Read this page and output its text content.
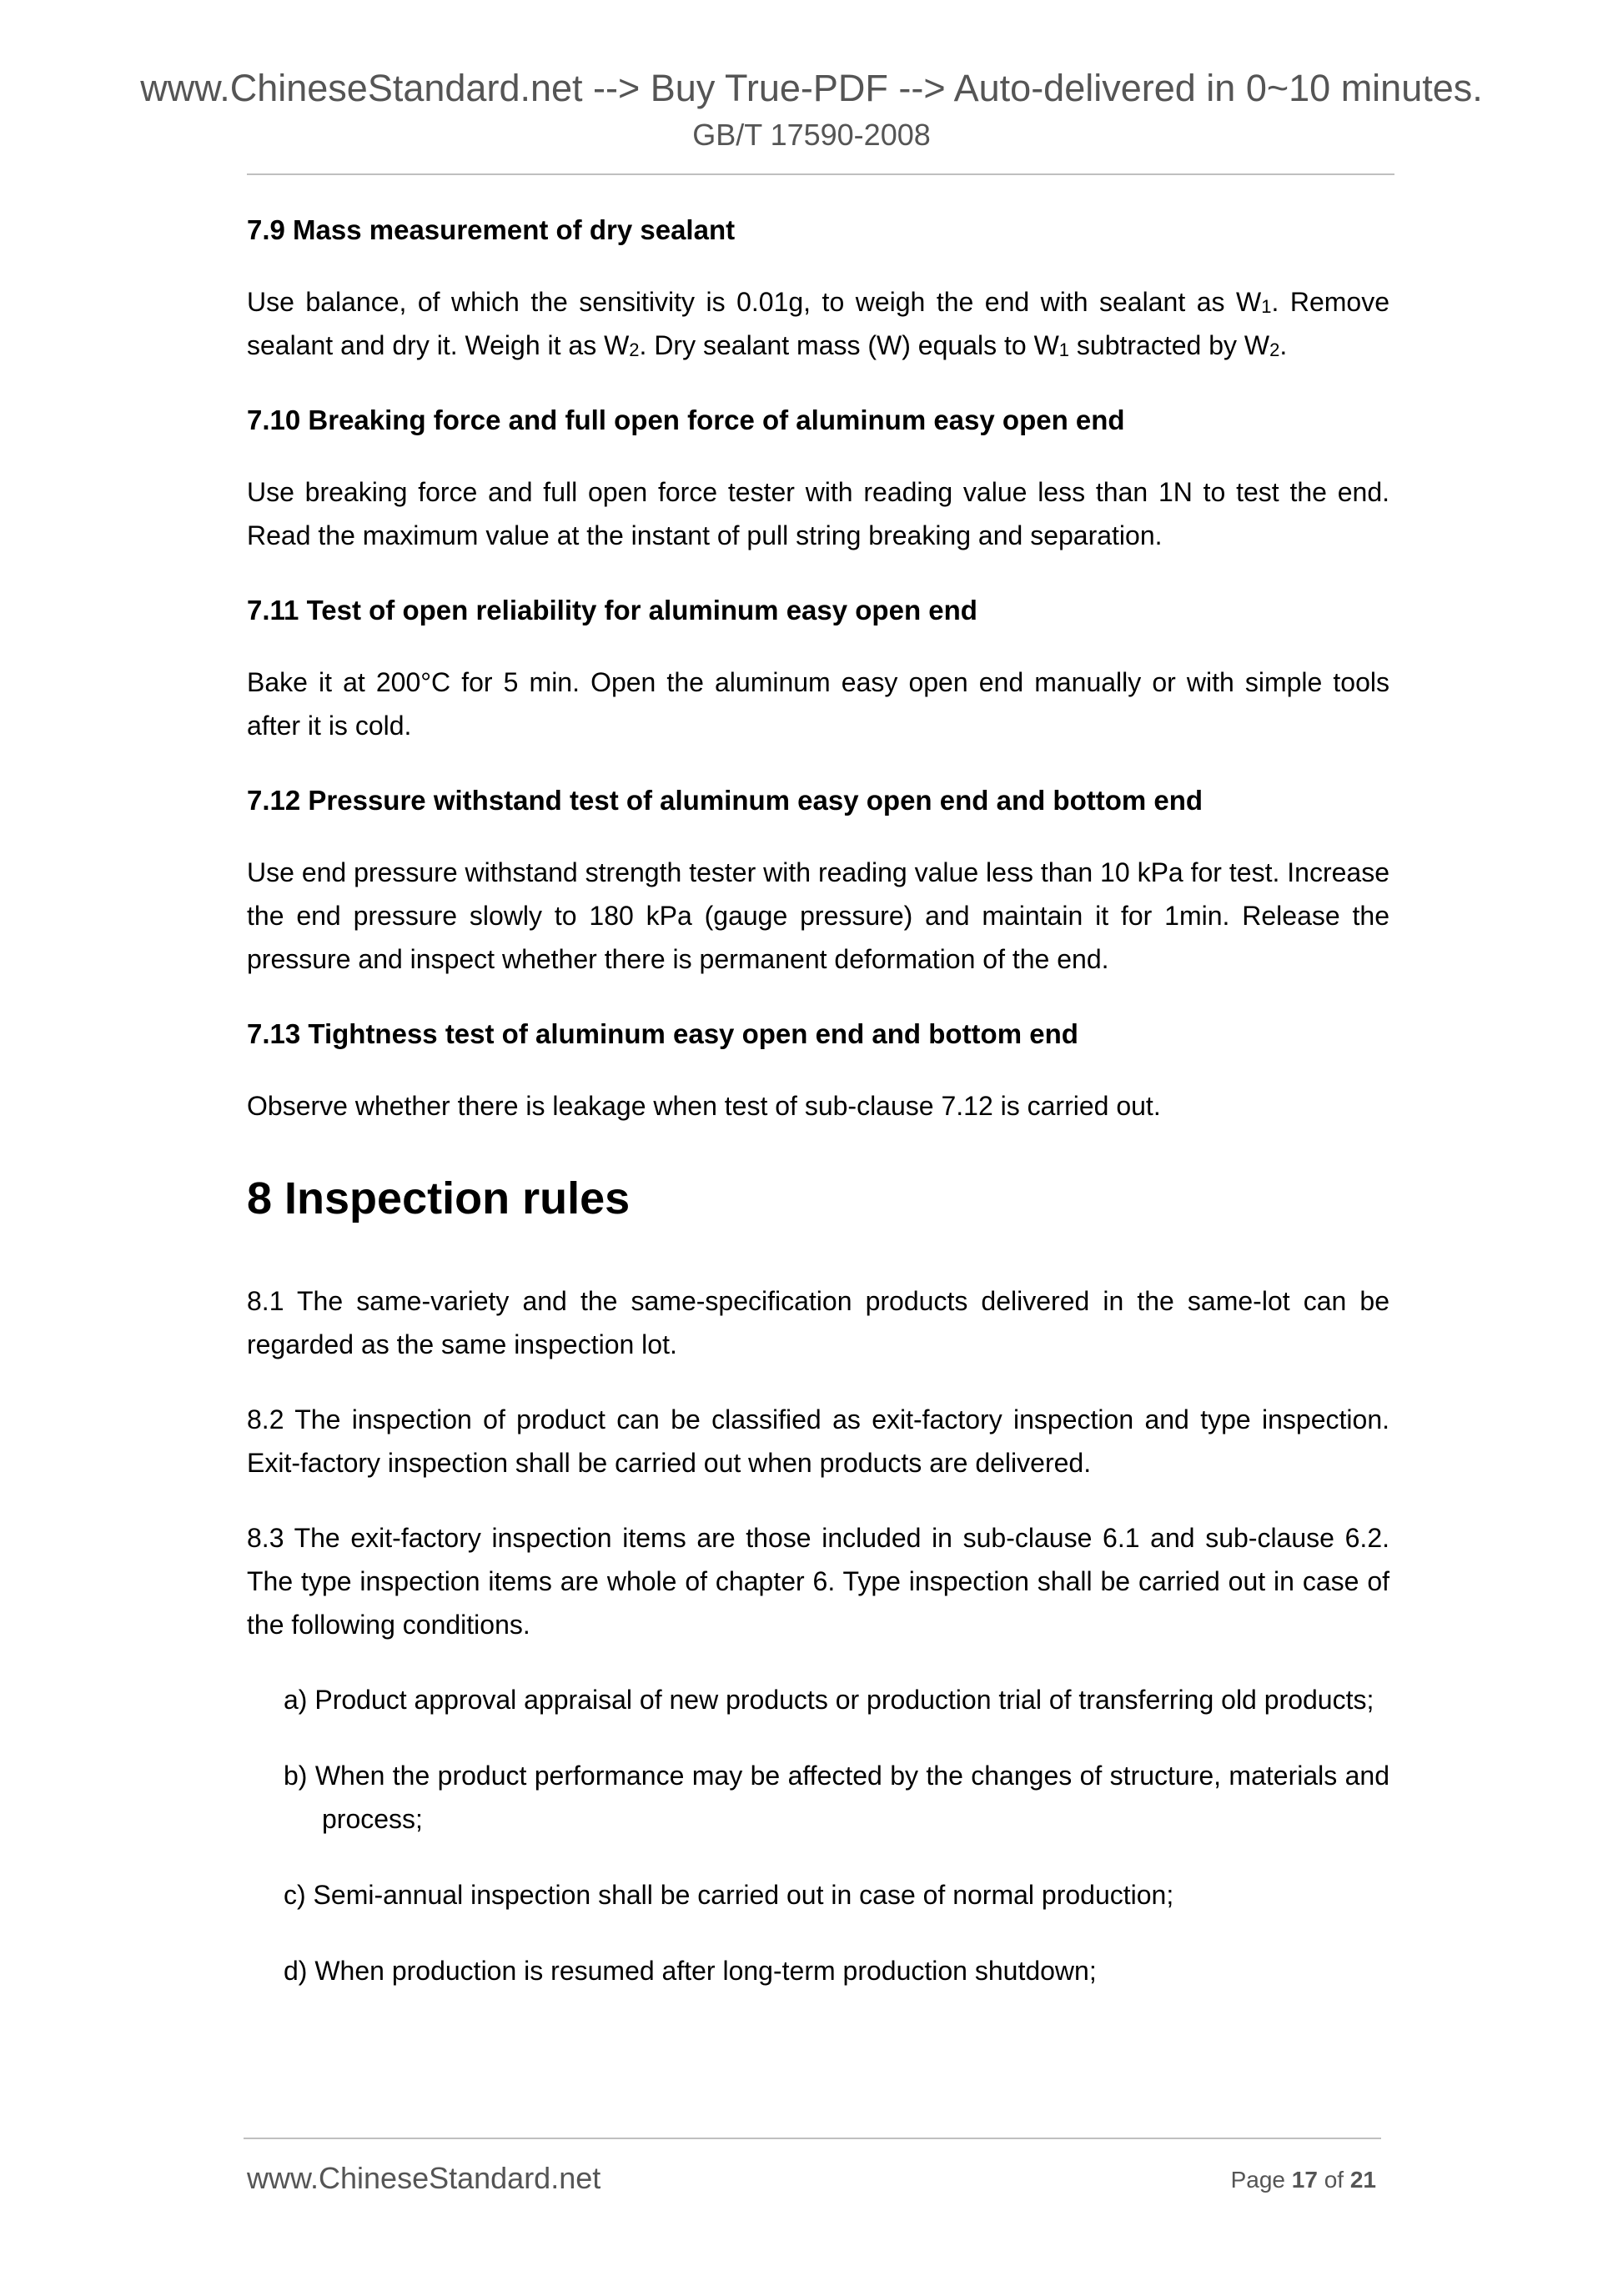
www.ChineseStandard.net --> Buy True-PDF --> Auto-delivered in 0~10 minutes.
GB/T 17590-2008
7.9 Mass measurement of dry sealant
Use balance, of which the sensitivity is 0.01g, to weigh the end with sealant as $W_1$. Remove sealant and dry it. Weigh it as $W_2$. Dry sealant mass (W) equals to $W_1$ subtracted by $W_2$.
7.10 Breaking force and full open force of aluminum easy open end
Use breaking force and full open force tester with reading value less than 1N to test the end. Read the maximum value at the instant of pull string breaking and separation.
7.11 Test of open reliability for aluminum easy open end
Bake it at 200°C for 5 min. Open the aluminum easy open end manually or with simple tools after it is cold.
7.12 Pressure withstand test of aluminum easy open end and bottom end
Use end pressure withstand strength tester with reading value less than 10 kPa for test. Increase the end pressure slowly to 180 kPa (gauge pressure) and maintain it for 1min. Release the pressure and inspect whether there is permanent deformation of the end.
7.13 Tightness test of aluminum easy open end and bottom end
Observe whether there is leakage when test of sub-clause 7.12 is carried out.
8 Inspection rules
8.1 The same-variety and the same-specification products delivered in the same-lot can be regarded as the same inspection lot.
8.2 The inspection of product can be classified as exit-factory inspection and type inspection. Exit-factory inspection shall be carried out when products are delivered.
8.3 The exit-factory inspection items are those included in sub-clause 6.1 and sub-clause 6.2. The type inspection items are whole of chapter 6. Type inspection shall be carried out in case of the following conditions.
a) Product approval appraisal of new products or production trial of transferring old products;
b) When the product performance may be affected by the changes of structure, materials and process;
c) Semi-annual inspection shall be carried out in case of normal production;
d) When production is resumed after long-term production shutdown;
www.ChineseStandard.net	Page 17 of 21
